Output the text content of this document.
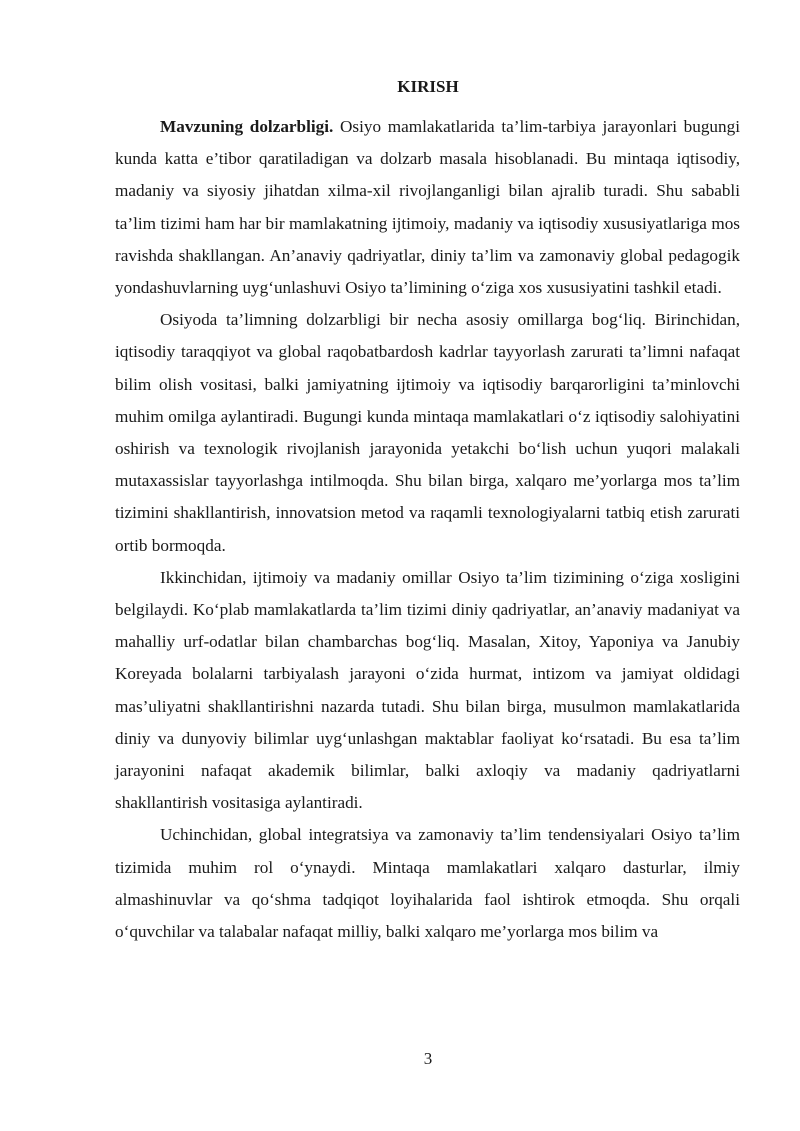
KIRISH

Mavzuning dolzarbligi. Osiyo mamlakatlarida ta’lim-tarbiya jarayonlari bugungi kunda katta e’tibor qaratiladigan va dolzarb masala hisoblanadi. Bu mintaqa iqtisodiy, madaniy va siyosiy jihatdan xilma-xil rivojlanganligi bilan ajralib turadi. Shu sababli ta’lim tizimi ham har bir mamlakatning ijtimoiy, madaniy va iqtisodiy xususiyatlariga mos ravishda shakllangan. An’anaviy qadriyatlar, diniy ta’lim va zamonaviy global pedagogik yondashuvlarning uygʻunlashuvi Osiyo ta’limining oʻziga xos xususiyatini tashkil etadi.

Osiyoda ta’limning dolzarbligi bir necha asosiy omillarga bogʻliq. Birinchidan, iqtisodiy taraqqiyot va global raqobatbardosh kadrlar tayyorlash zarurati ta’limni nafaqat bilim olish vositasi, balki jamiyatning ijtimoiy va iqtisodiy barqarorligini ta’minlovchi muhim omilga aylantiradi. Bugungi kunda mintaqa mamlakatlari oʻz iqtisodiy salohiyatini oshirish va texnologik rivojlanish jarayonida yetakchi boʻlish uchun yuqori malakali mutaxassislar tayyorlashga intilmoqda. Shu bilan birga, xalqaro me’yorlarga mos ta’lim tizimini shakllantirish, innovatsion metod va raqamli texnologiyalarni tatbiq etish zarurati ortib bormoqda.

Ikkinchidan, ijtimoiy va madaniy omillar Osiyo ta’lim tizimining oʻziga xosligini belgilaydi. Koʻplab mamlakatlarda ta’lim tizimi diniy qadriyatlar, an’anaviy madaniyat va mahalliy urf-odatlar bilan chambarchas bogʻliq. Masalan, Xitoy, Yaponiya va Janubiy Koreyada bolalarni tarbiyalash jarayoni oʻzida hurmat, intizom va jamiyat oldidagi mas’uliyatni shakllantirishni nazarda tutadi. Shu bilan birga, musulmon mamlakatlarida diniy va dunyoviy bilimlar uygʻunlashgan maktablar faoliyat koʻrsatadi. Bu esa ta’lim jarayonini nafaqat akademik bilimlar, balki axloqiy va madaniy qadriyatlarni shakllantirish vositasiga aylantiradi.

Uchinchidan, global integratsiya va zamonaviy ta’lim tendensiyalari Osiyo ta’lim tizimida muhim rol oʻynaydi. Mintaqa mamlakatlari xalqaro dasturlar, ilmiy almashinuvlar va qoʻshma tadqiqot loyihalarida faol ishtirok etmoqda. Shu orqali oʻquvchilar va talabalar nafaqat milliy, balki xalqaro me’yorlarga mos bilim va

3
